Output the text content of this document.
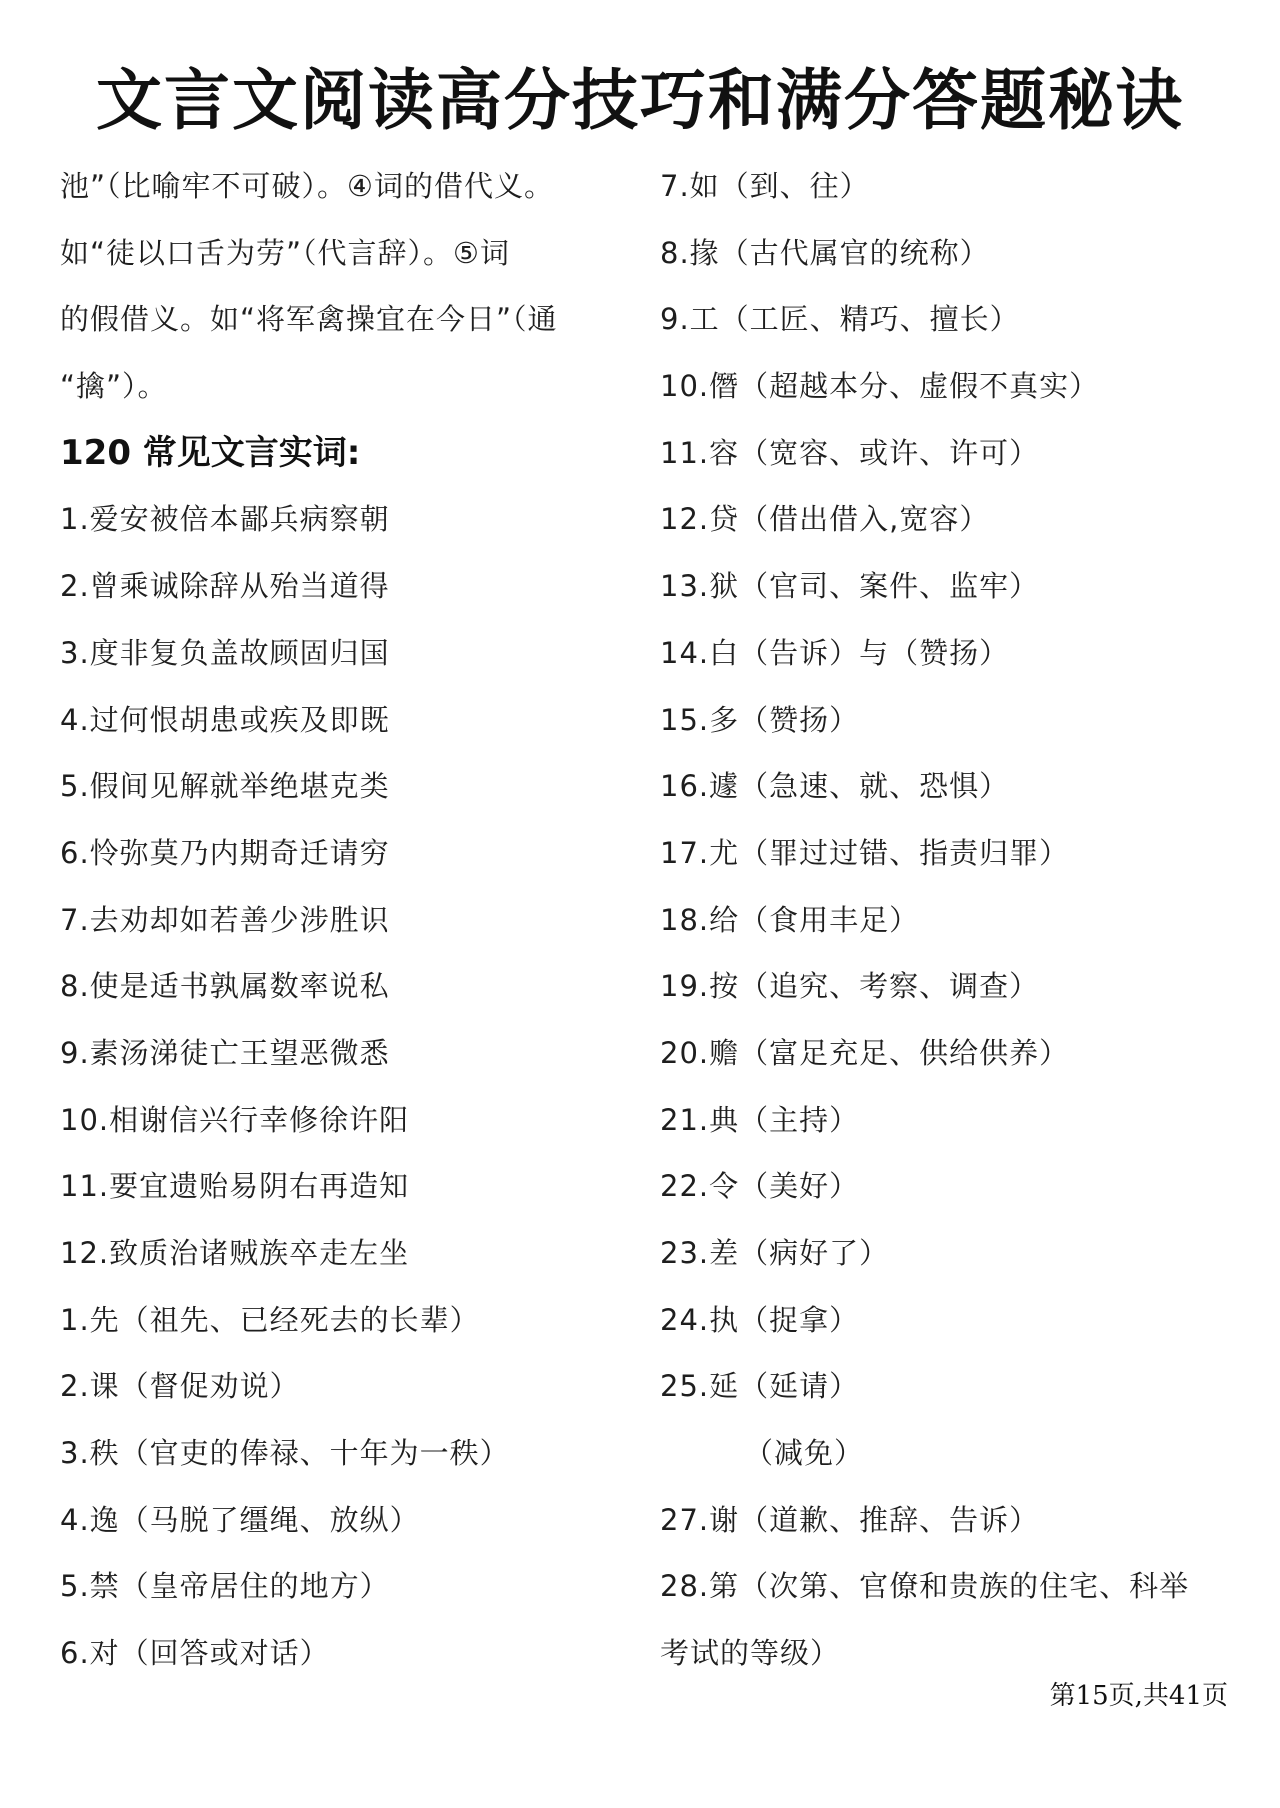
文言文阅读高分技巧和满分答题秘诀
池”（比喻牢不可破）。④词的借代义。
如“徒以口舌为劳”（代言辞）。⑤词
的假借义。如“将军禽操宜在今日”（通
“擒”）。
120 常见文言实词:
1.爱安被倍本鄙兵病察朝
2.曾乘诚除辞从殆当道得
3.度非复负盖故顾固归国
4.过何恨胡患或疾及即既
5.假间见解就举绝堪克类
6.怜弥莫乃内期奇迁请穷
7.去劝却如若善少涉胜识
8.使是适书孰属数率说私
9.素汤涕徒亡王望恶微悉
10.相谢信兴行幸修徐许阳
11.要宜遗贻易阴右再造知
12.致质治诸贼族卒走左坐
1.先（祖先、已经死去的长辈）
2.课（督促劝说）
3.秩（官吏的俸禄、十年为一秩）
4.逸（马脱了缰绳、放纵）
5.禁（皇帝居住的地方）
6.对（回答或对话）
7.如（到、往）
8.掾（古代属官的统称）
9.工（工匠、精巧、擅长）
10.僭（超越本分、虚假不真实）
11.容（宽容、或许、许可）
12.贷（借出借入,宽容）
13.狱（官司、案件、监牢）
14.白（告诉）与（赞扬）
15.多（赞扬）
16.遽（急速、就、恐惧）
17.尤（罪过过错、指责归罪）
18.给（食用丰足）
19.按（追究、考察、调查）
20.赡（富足充足、供给供养）
21.典（主持）
22.令（美好）
23.差（病好了）
24.执（捉拿）
25.延（延请）
（减免）
27.谢（道歉、推辞、告诉）
28.第（次第、官僚和贵族的住宅、科举
考试的等级）
第15页,共41页
